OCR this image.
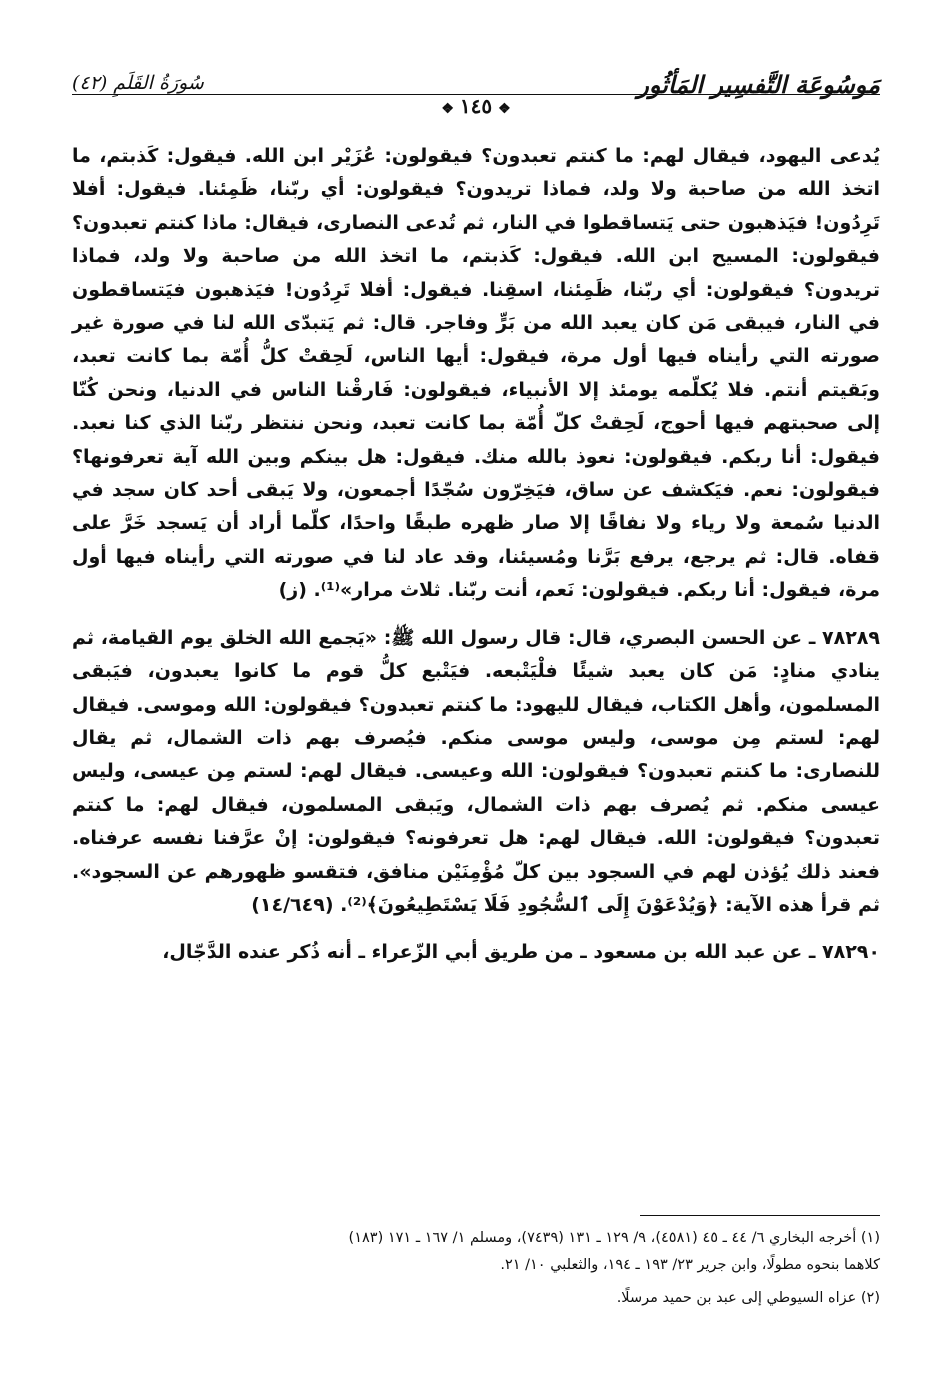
مَوسُوعَة التَّفسِير المَأثُور
سُورَةُ القَلَمِ (٤٢)
❖١٤٥❖

يُدعى اليهود، فيقال لهم: ما كنتم تعبدون؟ فيقولون: عُزَيْر ابن الله. فيقول: كَذبتم، ما اتخذ الله من صاحبة ولا ولد، فماذا تريدون؟ فيقولون: أي ربّنا، ظَمِئنا. فيقول: أفلا تَرِدُون! فيَذهبون حتى يَتساقطوا في النار، ثم تُدعى النصارى، فيقال: ماذا كنتم تعبدون؟ فيقولون: المسيح ابن الله. فيقول: كَذبتم، ما اتخذ الله من صاحبة ولا ولد، فماذا تريدون؟ فيقولون: أي ربّنا، ظَمِئنا، اسقِنا. فيقول: أفلا تَرِدُون! فيَذهبون فيَتساقطون في النار، فيبقى مَن كان يعبد الله من بَرٍّ وفاجر. قال: ثم يَتبدّى الله لنا في صورة غير صورته التي رأيناه فيها أول مرة، فيقول: أيها الناس، لَحِقتْ كلُّ أُمّة بما كانت تعبد، وبَقيتم أنتم. فلا يُكلّمه يومئذ إلا الأنبياء، فيقولون: فَارقْنا الناس في الدنيا، ونحن كُنّا إلى صحبتهم فيها أحوج، لَحِقتْ كلّ أُمّة بما كانت تعبد، ونحن ننتظر ربّنا الذي كنا نعبد. فيقول: أنا ربكم. فيقولون: نعوذ بالله منك. فيقول: هل بينكم وبين الله آية تعرفونها؟ فيقولون: نعم. فيَكشف عن ساق، فيَخِرّون سُجّدًا أجمعون، ولا يَبقى أحد كان سجد في الدنيا سُمعة ولا رياء ولا نفاقًا إلا صار ظهره طبقًا واحدًا، كلّما أراد أن يَسجد خَرَّ على قفاه. قال: ثم يرجع، يرفع بَرَّنا ومُسيئنا، وقد عاد لنا في صورته التي رأيناه فيها أول مرة، فيقول: أنا ربكم. فيقولون: نَعم، أنت ربّنا. ثلاث مرار»⁽¹⁾. (ز)

٧٨٢٨٩ ـ عن الحسن البصري، قال: قال رسول الله ﷺ: «يَجمع الله الخلق يوم القيامة، ثم ينادي منادٍ: مَن كان يعبد شيئًا فلْيَتْبعه. فيَتْبع كلُّ قوم ما كانوا يعبدون، فيَبقى المسلمون، وأهل الكتاب، فيقال لليهود: ما كنتم تعبدون؟ فيقولون: الله وموسى. فيقال لهم: لستم مِن موسى، وليس موسى منكم. فيُصرف بهم ذات الشمال، ثم يقال للنصارى: ما كنتم تعبدون؟ فيقولون: الله وعيسى. فيقال لهم: لستم مِن عيسى، وليس عيسى منكم. ثم يُصرف بهم ذات الشمال، ويَبقى المسلمون، فيقال لهم: ما كنتم تعبدون؟ فيقولون: الله. فيقال لهم: هل تعرفونه؟ فيقولون: إنْ عرَّفنا نفسه عرفناه. فعند ذلك يُؤذن لهم في السجود بين كلّ مُؤْمِنَيْن منافق، فتقسو ظهورهم عن السجود». ثم قرأ هذه الآية: ﴿وَيُدْعَوْنَ إِلَى ٱلسُّجُودِ فَلَا يَسْتَطِيعُونَ﴾⁽²⁾. (١٤/٦٤٩)

٧٨٢٩٠ ـ عن عبد الله بن مسعود ـ من طريق أبي الزّعراء ـ أنه ذُكر عنده الدَّجّال،

(١) أخرجه البخاري ٦/ ٤٤ ـ ٤٥ (٤٥٨١)، ٩/ ١٢٩ ـ ١٣١ (٧٤٣٩)، ومسلم ١/ ١٦٧ ـ ١٧١ (١٨٣)

كلاهما بنحوه مطولًا، وابن جرير ٢٣/ ١٩٣ ـ ١٩٤، والثعلبي ١٠/ ٢١.

(٢) عزاه السيوطي إلى عبد بن حميد مرسلًا.
